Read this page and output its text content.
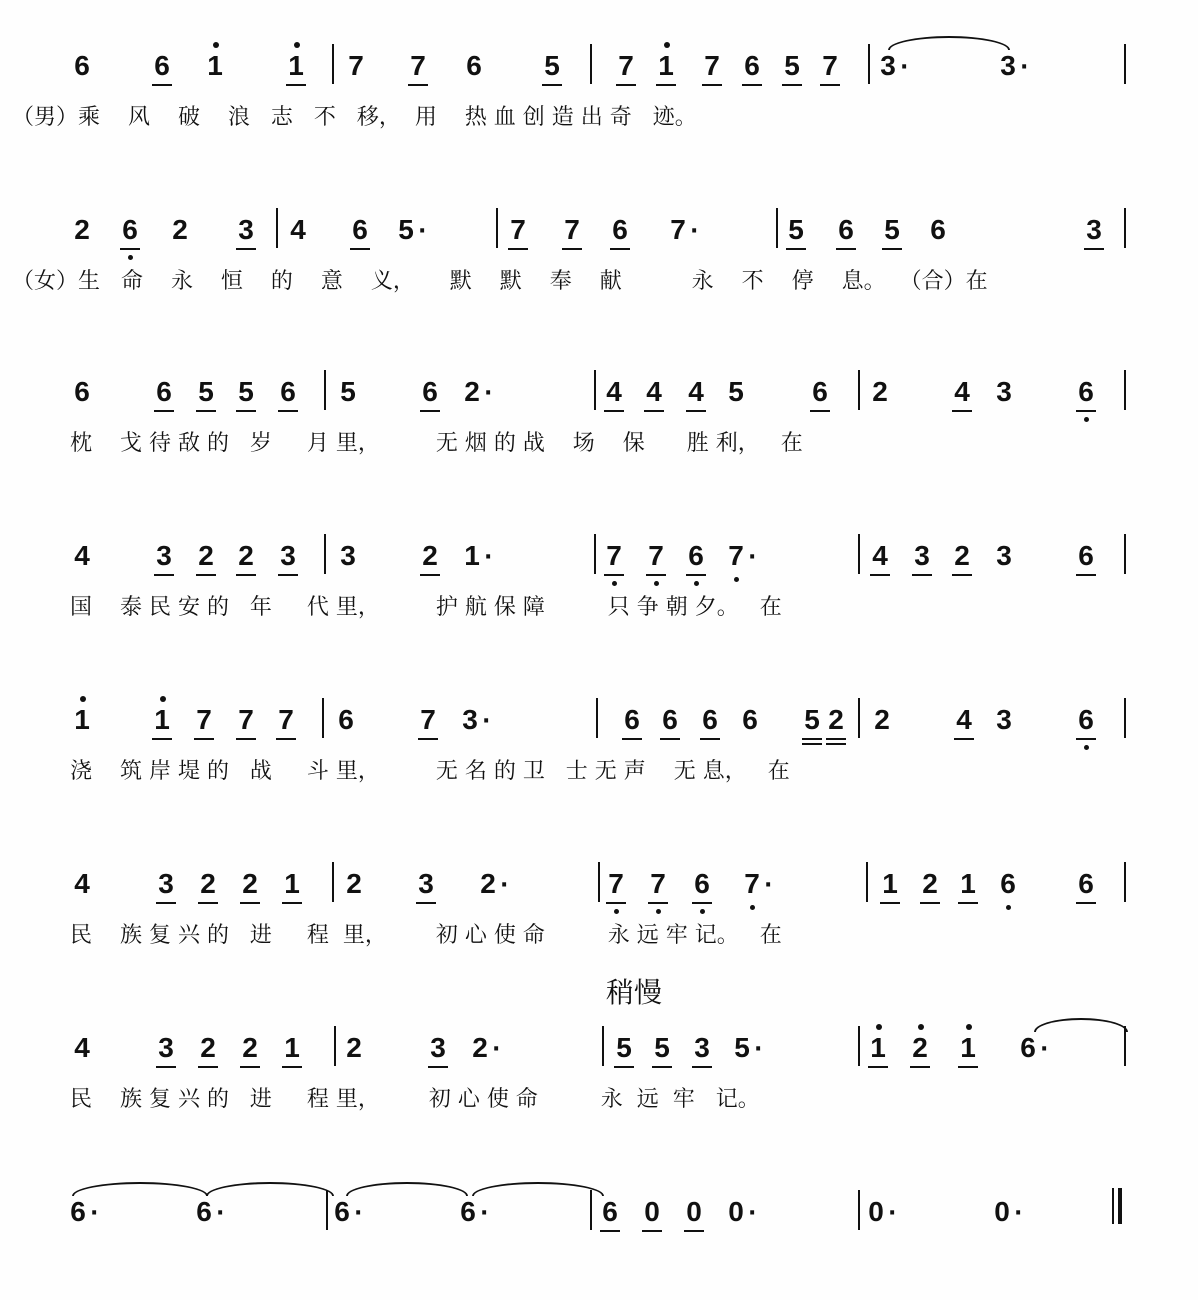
6 6 1 1 7 7 6 5 7 1 7 6 5 7 3 ·	3 ·
（男）乘    风    破    浪   志   不   移，  用    热 血 创 造 出 奇   迹。
2 6 2 3 4 6 5 ·	7 7 6 7 ·	5 6 5 6	3
（女）生   命    永    恒    的    意    义，     默    默    奉    献          永    不    停    息。  （合）在
6 6 5 5 6 5 6 2 ·	4 4 4 5 6 2 4 3 6
枕    戈 待 敌 的   岁     月 里，        无 烟 的 战    场    保      胜 利，   在
4 3 2 2 3 3 2 1 ·	7 7 6 7 ·	4 3 2 3 6
国    泰 民 安 的   年     代 里，        护 航 保 障         只 争 朝 夕。   在
1 1 7 7 7 6 7 3 ·	6 6 6 6 5 2 2 4 3 6
浇    筑 岸 堤 的   战     斗 里，        无 名 的 卫   士 无 声    无 息，   在
4 3 2 2 1 2 3 2 ·	7 7 6 7 ·	1 2 1 6 6
民    族 复 兴 的   进     程  里，       初 心 使 命         永 远 牢 记。   在
4 3 2 2 1 2 3 2 ·	5 5 3 5 ·	1 2 1 6 ·
民    族 复 兴 的   进     程 里，       初 心 使 命         永  远  牢   记。
稍慢
6 ·	6 ·	6 ·	6 ·	6 0 0 0 ·	0 ·	0 ·
